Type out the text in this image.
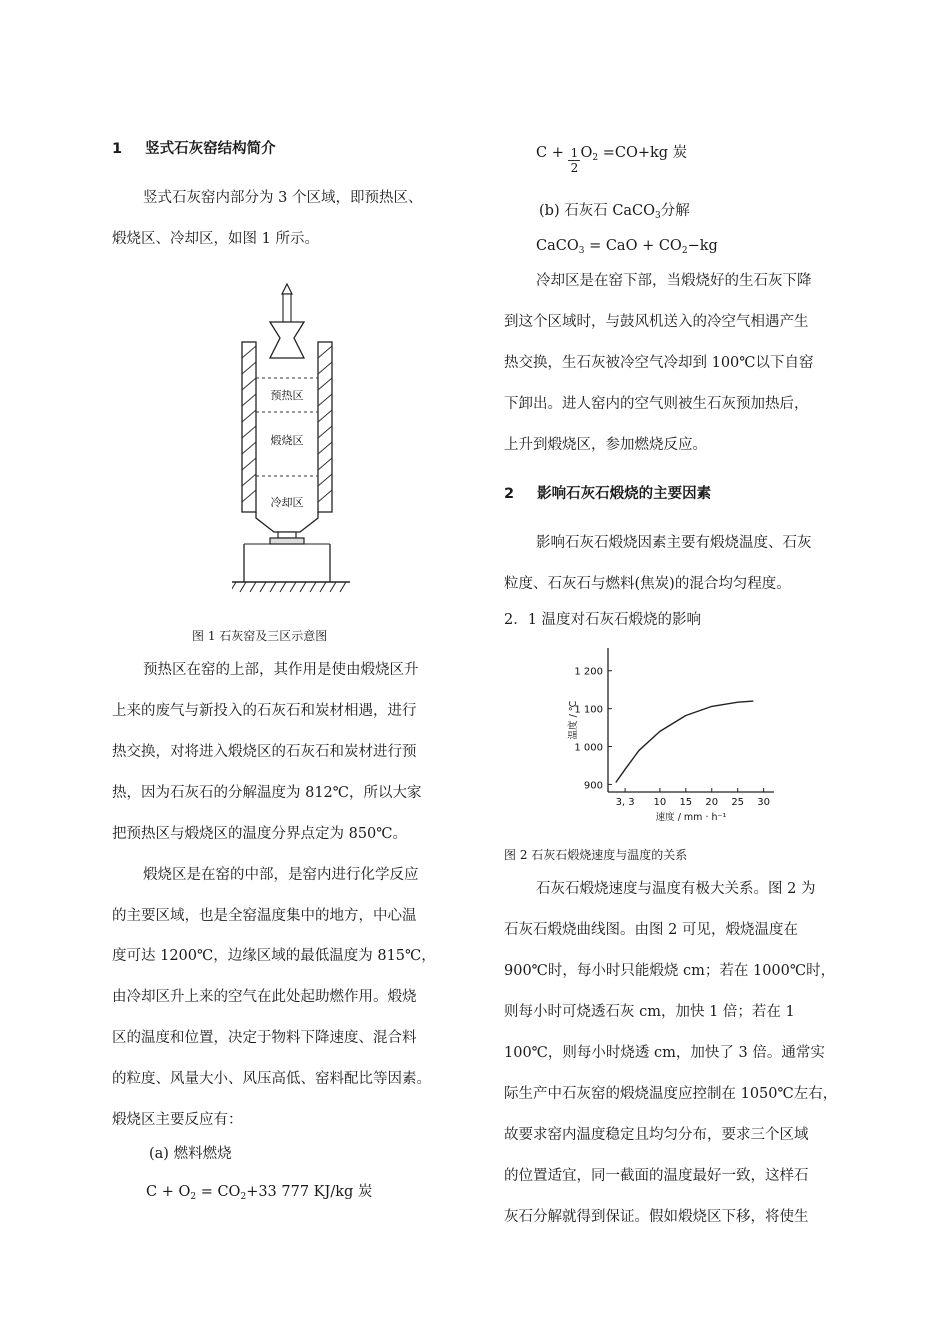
1 竖式石灰窑结构简介
竖式石灰窑内部分为 3 个区域，即预热区、
煅烧区、冷却区，如图 1 所示。
预热区
煅烧区
冷却区
图 1 石灰窑及三区示意图
预热区在窑的上部，其作用是使由煅烧区升
上来的废气与新投入的石灰石和炭材相遇，进行
热交换，对将进入煅烧区的石灰石和炭材进行预
热，因为石灰石的分解温度为 812℃，所以大家
把预热区与煅烧区的温度分界点定为 850℃。
煅烧区是在窑的中部，是窑内进行化学反应
的主要区域，也是全窑温度集中的地方，中心温
度可达 1200℃，边缘区域的最低温度为 815℃，
由冷却区升上来的空气在此处起助燃作用。煅烧
区的温度和位置，决定于物料下降速度、混合料
的粒度、风量大小、风压高低、窑料配比等因素。
煅烧区主要反应有：
(a) 燃料燃烧
$C + O_2 = CO_2+33$ 777 KJ/kg 炭
$C + \frac{1}{2} O_2 =CO+kg$ 炭
(b) 石灰石 CaCO$_3$分解
CaCO$_3$ = CaO + $CO_2-kg$
冷却区是在窑下部，当煅烧好的生石灰下降
到这个区域时，与鼓风机送入的冷空气相遇产生
热交换，生石灰被冷空气冷却到 100℃以下自窑
下卸出。进人窑内的空气则被生石灰预加热后，
上升到煅烧区，参加燃烧反应。
2 影响石灰石煅烧的主要因素
影响石灰石煅烧因素主要有煅烧温度、石灰
粒度、石灰石与燃料(焦炭)的混合均匀程度。
2．1 温度对石灰石煅烧的影响
900
1 000
1 100
1 200
3, 3 10 15 20 25 30
速度 / mm · h⁻¹
温度 / ℃
图 2 石灰石煅烧速度与温度的关系
石灰石煅烧速度与温度有极大关系。图 2 为
石灰石煅烧曲线图。由图 2 可见，煅烧温度在
900℃时，每小时只能煅烧 cm；若在 1000℃时，
则每小时可烧透石灰 cm，加快 1 倍；若在 1
100℃，则每小时烧透 cm，加快了 3 倍。通常实
际生产中石灰窑的煅烧温度应控制在 1050℃左右，
故要求窑内温度稳定且均匀分布，要求三个区域
的位置适宜，同一截面的温度最好一致，这样石
灰石分解就得到保证。假如煅烧区下移，将使生
